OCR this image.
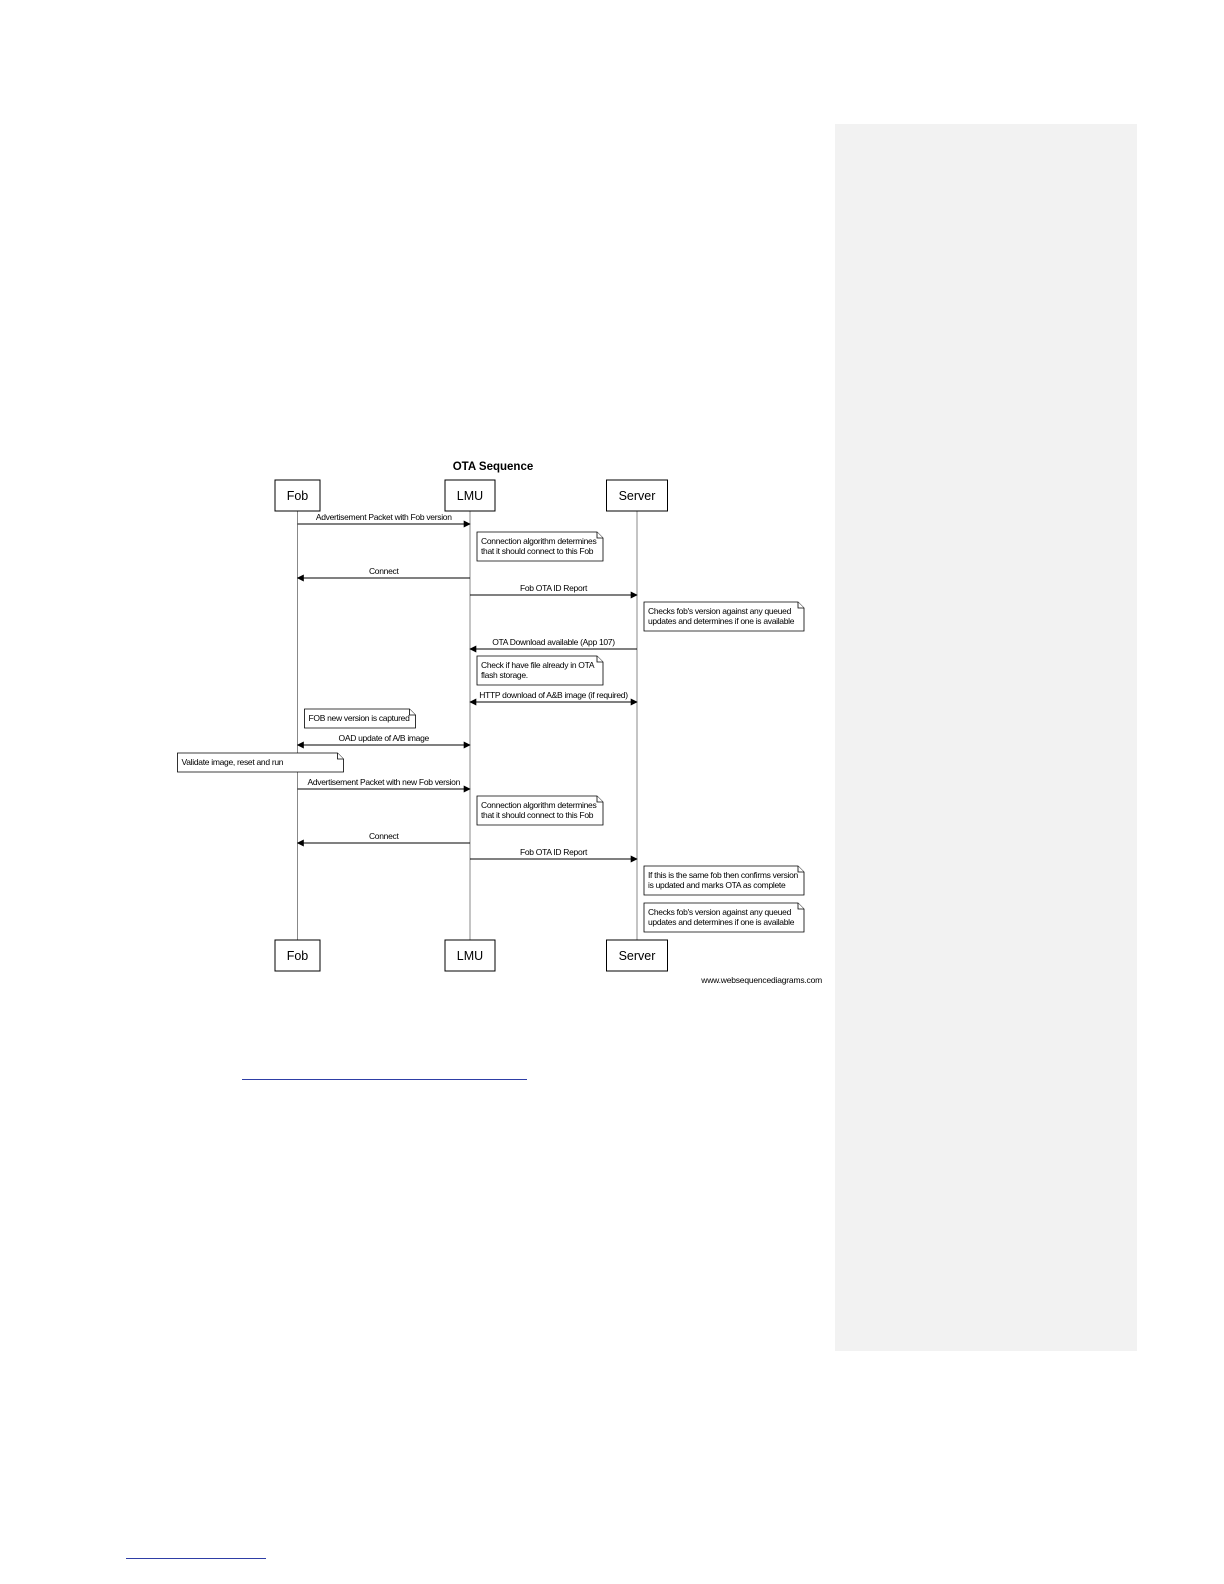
OTA Sequence
Fob	LMU	Server
Fob	LMU	Server
Advertisement Packet with Fob version
Connection algorithm determines
that it should connect to this Fob
Connect
Fob OTA ID Report
Checks fob's version against any queued
updates and determines if one is available
OTA Download available (App 107)
Check if have file already in OTA
flash storage.
HTTP download of A&B image (if required)
FOB new version is captured
OAD update of A/B image
Validate image, reset and run
Advertisement Packet with new Fob version
Connection algorithm determines
that it should connect to this Fob
Connect
Fob OTA ID Report
If this is the same fob then confirms version
is updated and marks OTA as complete
Checks fob's version against any queued
updates and determines if one is available
www.websequencediagrams.com
